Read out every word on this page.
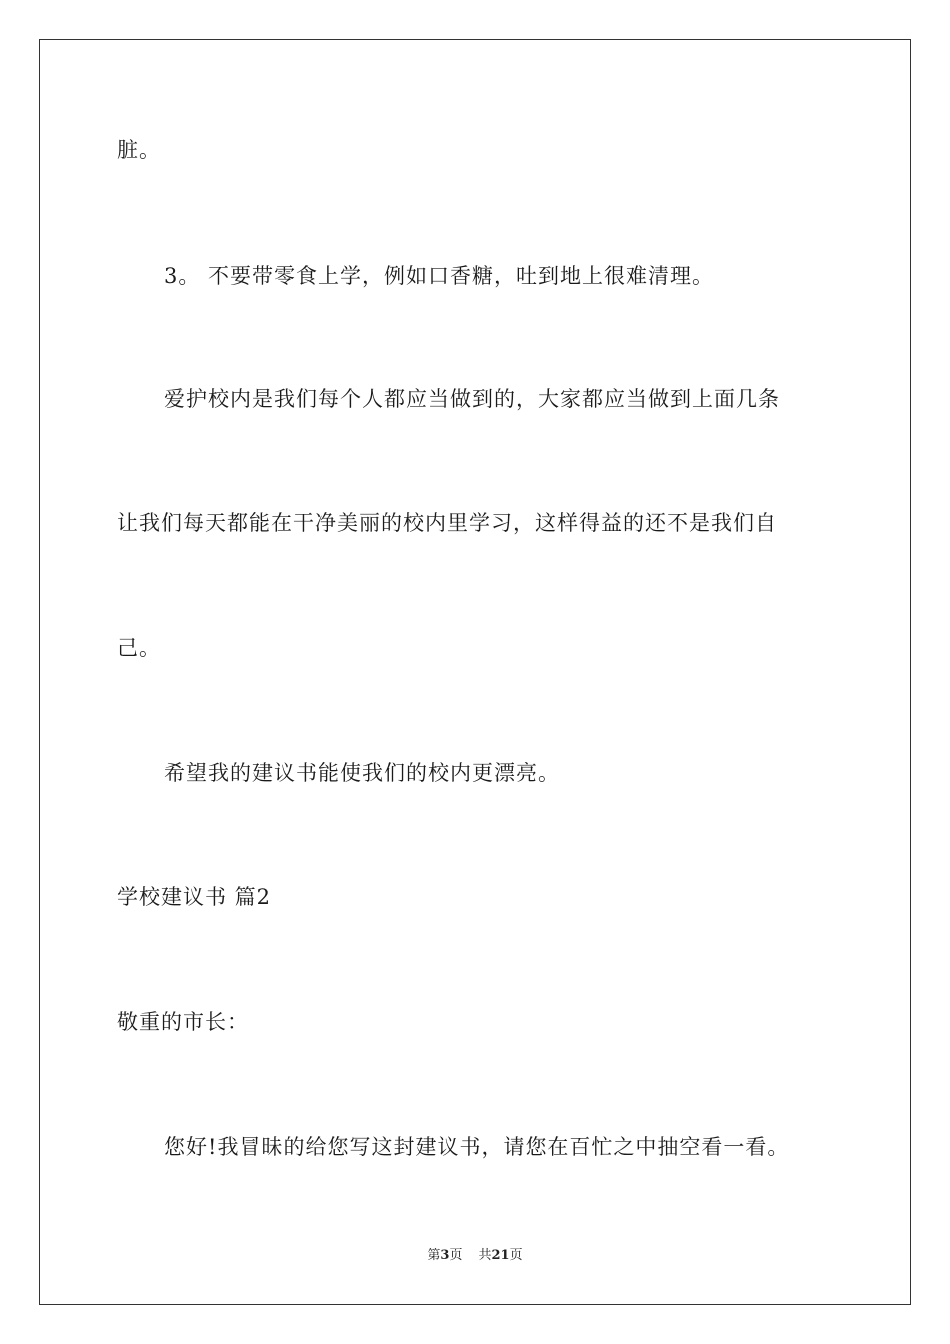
脏。
3。 不要带零食上学，例如口香糖，吐到地上很难清理。
爱护校内是我们每个人都应当做到的，大家都应当做到上面几条
让我们每天都能在干净美丽的校内里学习，这样得益的还不是我们自
己。
希望我的建议书能使我们的校内更漂亮。
学校建议书 篇2
敬重的市长：
您好!我冒昧的给您写这封建议书，请您在百忙之中抽空看一看。
第3页 共21页
